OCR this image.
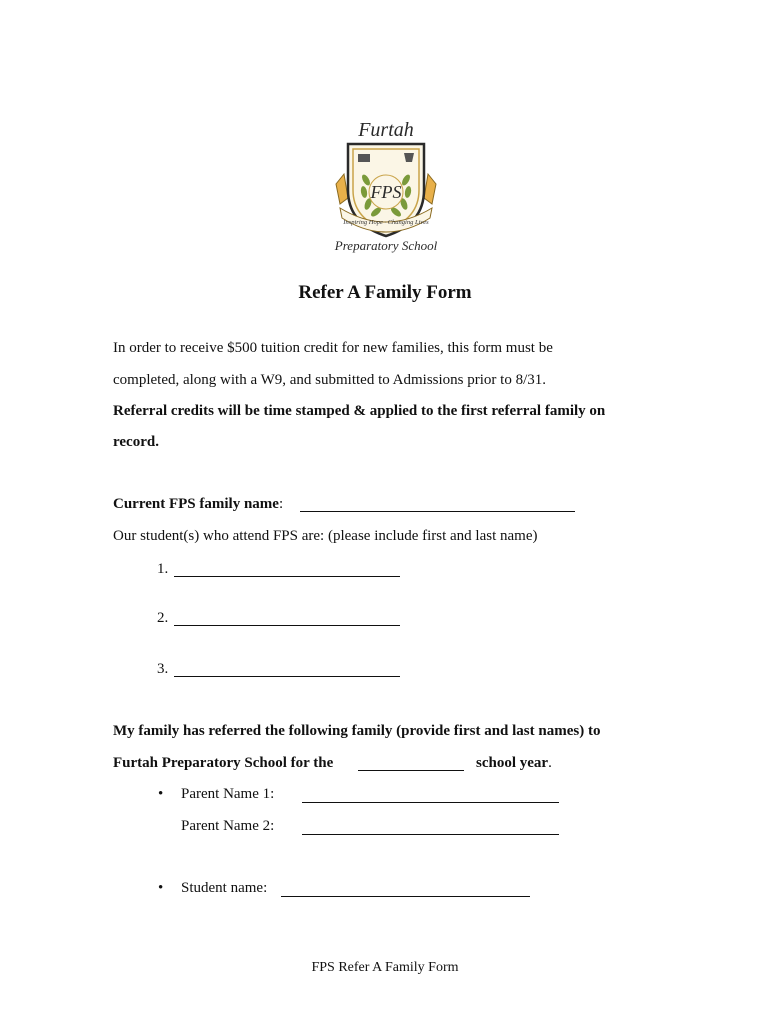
Furtah
FPS
Inspiring Hope · Changing Lives
Preparatory School
Refer A Family Form
In order to receive $500 tuition credit for new families, this form must be
completed, along with a W9, and submitted to Admissions prior to 8/31.
Referral credits will be time stamped & applied to the first referral family on
record.
Current FPS family name:
Our student(s) who attend FPS are: (please include first and last name)
1.
2.
3.
My family has referred the following family (provide first and last names) to
Furtah Preparatory School for the	school year.
• Parent Name 1:
Parent Name 2:
• Student name:
FPS Refer A Family Form
